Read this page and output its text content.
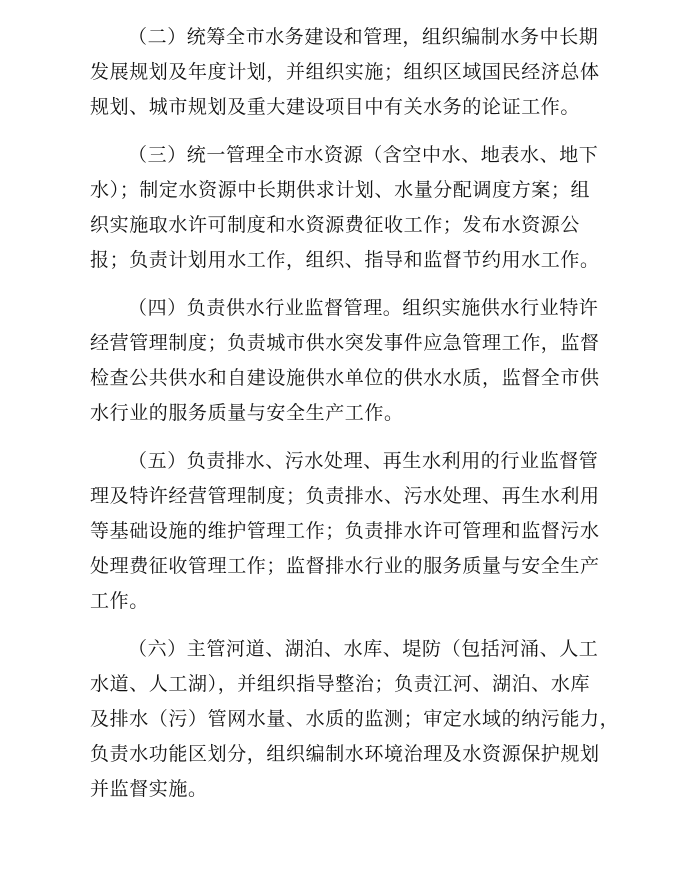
（二）统筹全市水务建设和管理，组织编制水务中长期
发展规划及年度计划，并组织实施；组织区域国民经济总体
规划、城市规划及重大建设项目中有关水务的论证工作。
（三）统一管理全市水资源（含空中水、地表水、地下
水）；制定水资源中长期供求计划、水量分配调度方案；组
织实施取水许可制度和水资源费征收工作；发布水资源公
报；负责计划用水工作，组织、指导和监督节约用水工作。
（四）负责供水行业监督管理。组织实施供水行业特许
经营管理制度；负责城市供水突发事件应急管理工作，监督
检查公共供水和自建设施供水单位的供水水质，监督全市供
水行业的服务质量与安全生产工作。
（五）负责排水、污水处理、再生水利用的行业监督管
理及特许经营管理制度；负责排水、污水处理、再生水利用
等基础设施的维护管理工作；负责排水许可管理和监督污水
处理费征收管理工作；监督排水行业的服务质量与安全生产
工作。
（六）主管河道、湖泊、水库、堤防（包括河涌、人工
水道、人工湖），并组织指导整治；负责江河、湖泊、水库
及排水（污）管网水量、水质的监测；审定水域的纳污能力，
负责水功能区划分，组织编制水环境治理及水资源保护规划
并监督实施。
